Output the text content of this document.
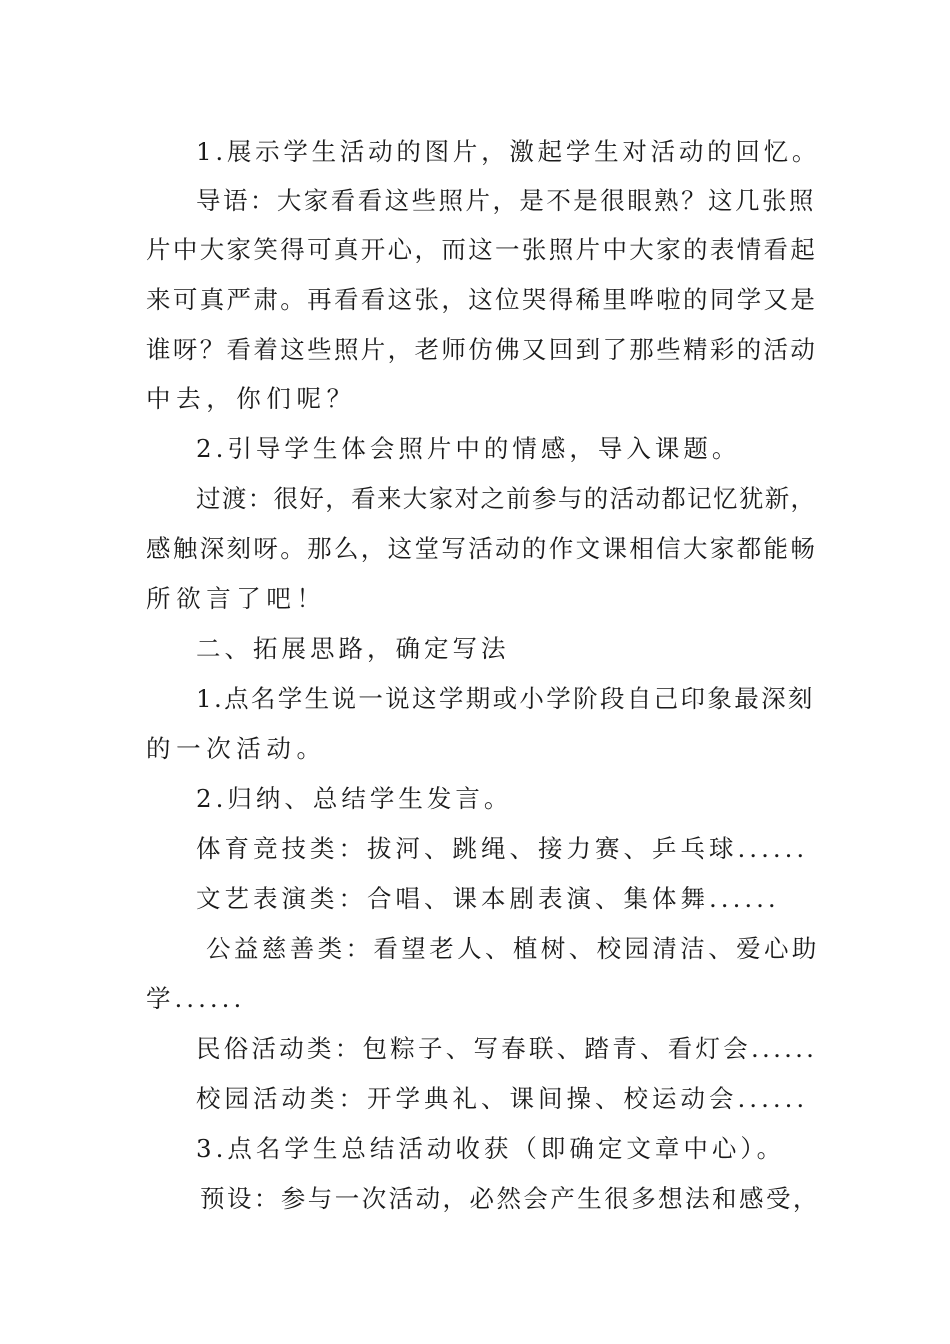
1.展示学生活动的图片，激起学生对活动的回忆。

导语：大家看看这些照片，是不是很眼熟？这几张照

片中大家笑得可真开心，而这一张照片中大家的表情看起

来可真严肃。再看看这张，这位哭得稀里哗啦的同学又是

谁呀？看着这些照片，老师仿佛又回到了那些精彩的活动

中去，你们呢？

2.引导学生体会照片中的情感，导入课题。

过渡：很好，看来大家对之前参与的活动都记忆犹新，

感触深刻呀。那么，这堂写活动的作文课相信大家都能畅

所欲言了吧！

二、拓展思路，确定写法

1.点名学生说一说这学期或小学阶段自己印象最深刻

的一次活动。

2.归纳、总结学生发言。

体育竞技类：拔河、跳绳、接力赛、乒乓球......

文艺表演类：合唱、课本剧表演、集体舞......

公益慈善类：看望老人、植树、校园清洁、爱心助

学......

民俗活动类：包粽子、写春联、踏青、看灯会......

校园活动类：开学典礼、课间操、校运动会......

3.点名学生总结活动收获（即确定文章中心）。

预设：参与一次活动，必然会产生很多想法和感受，
